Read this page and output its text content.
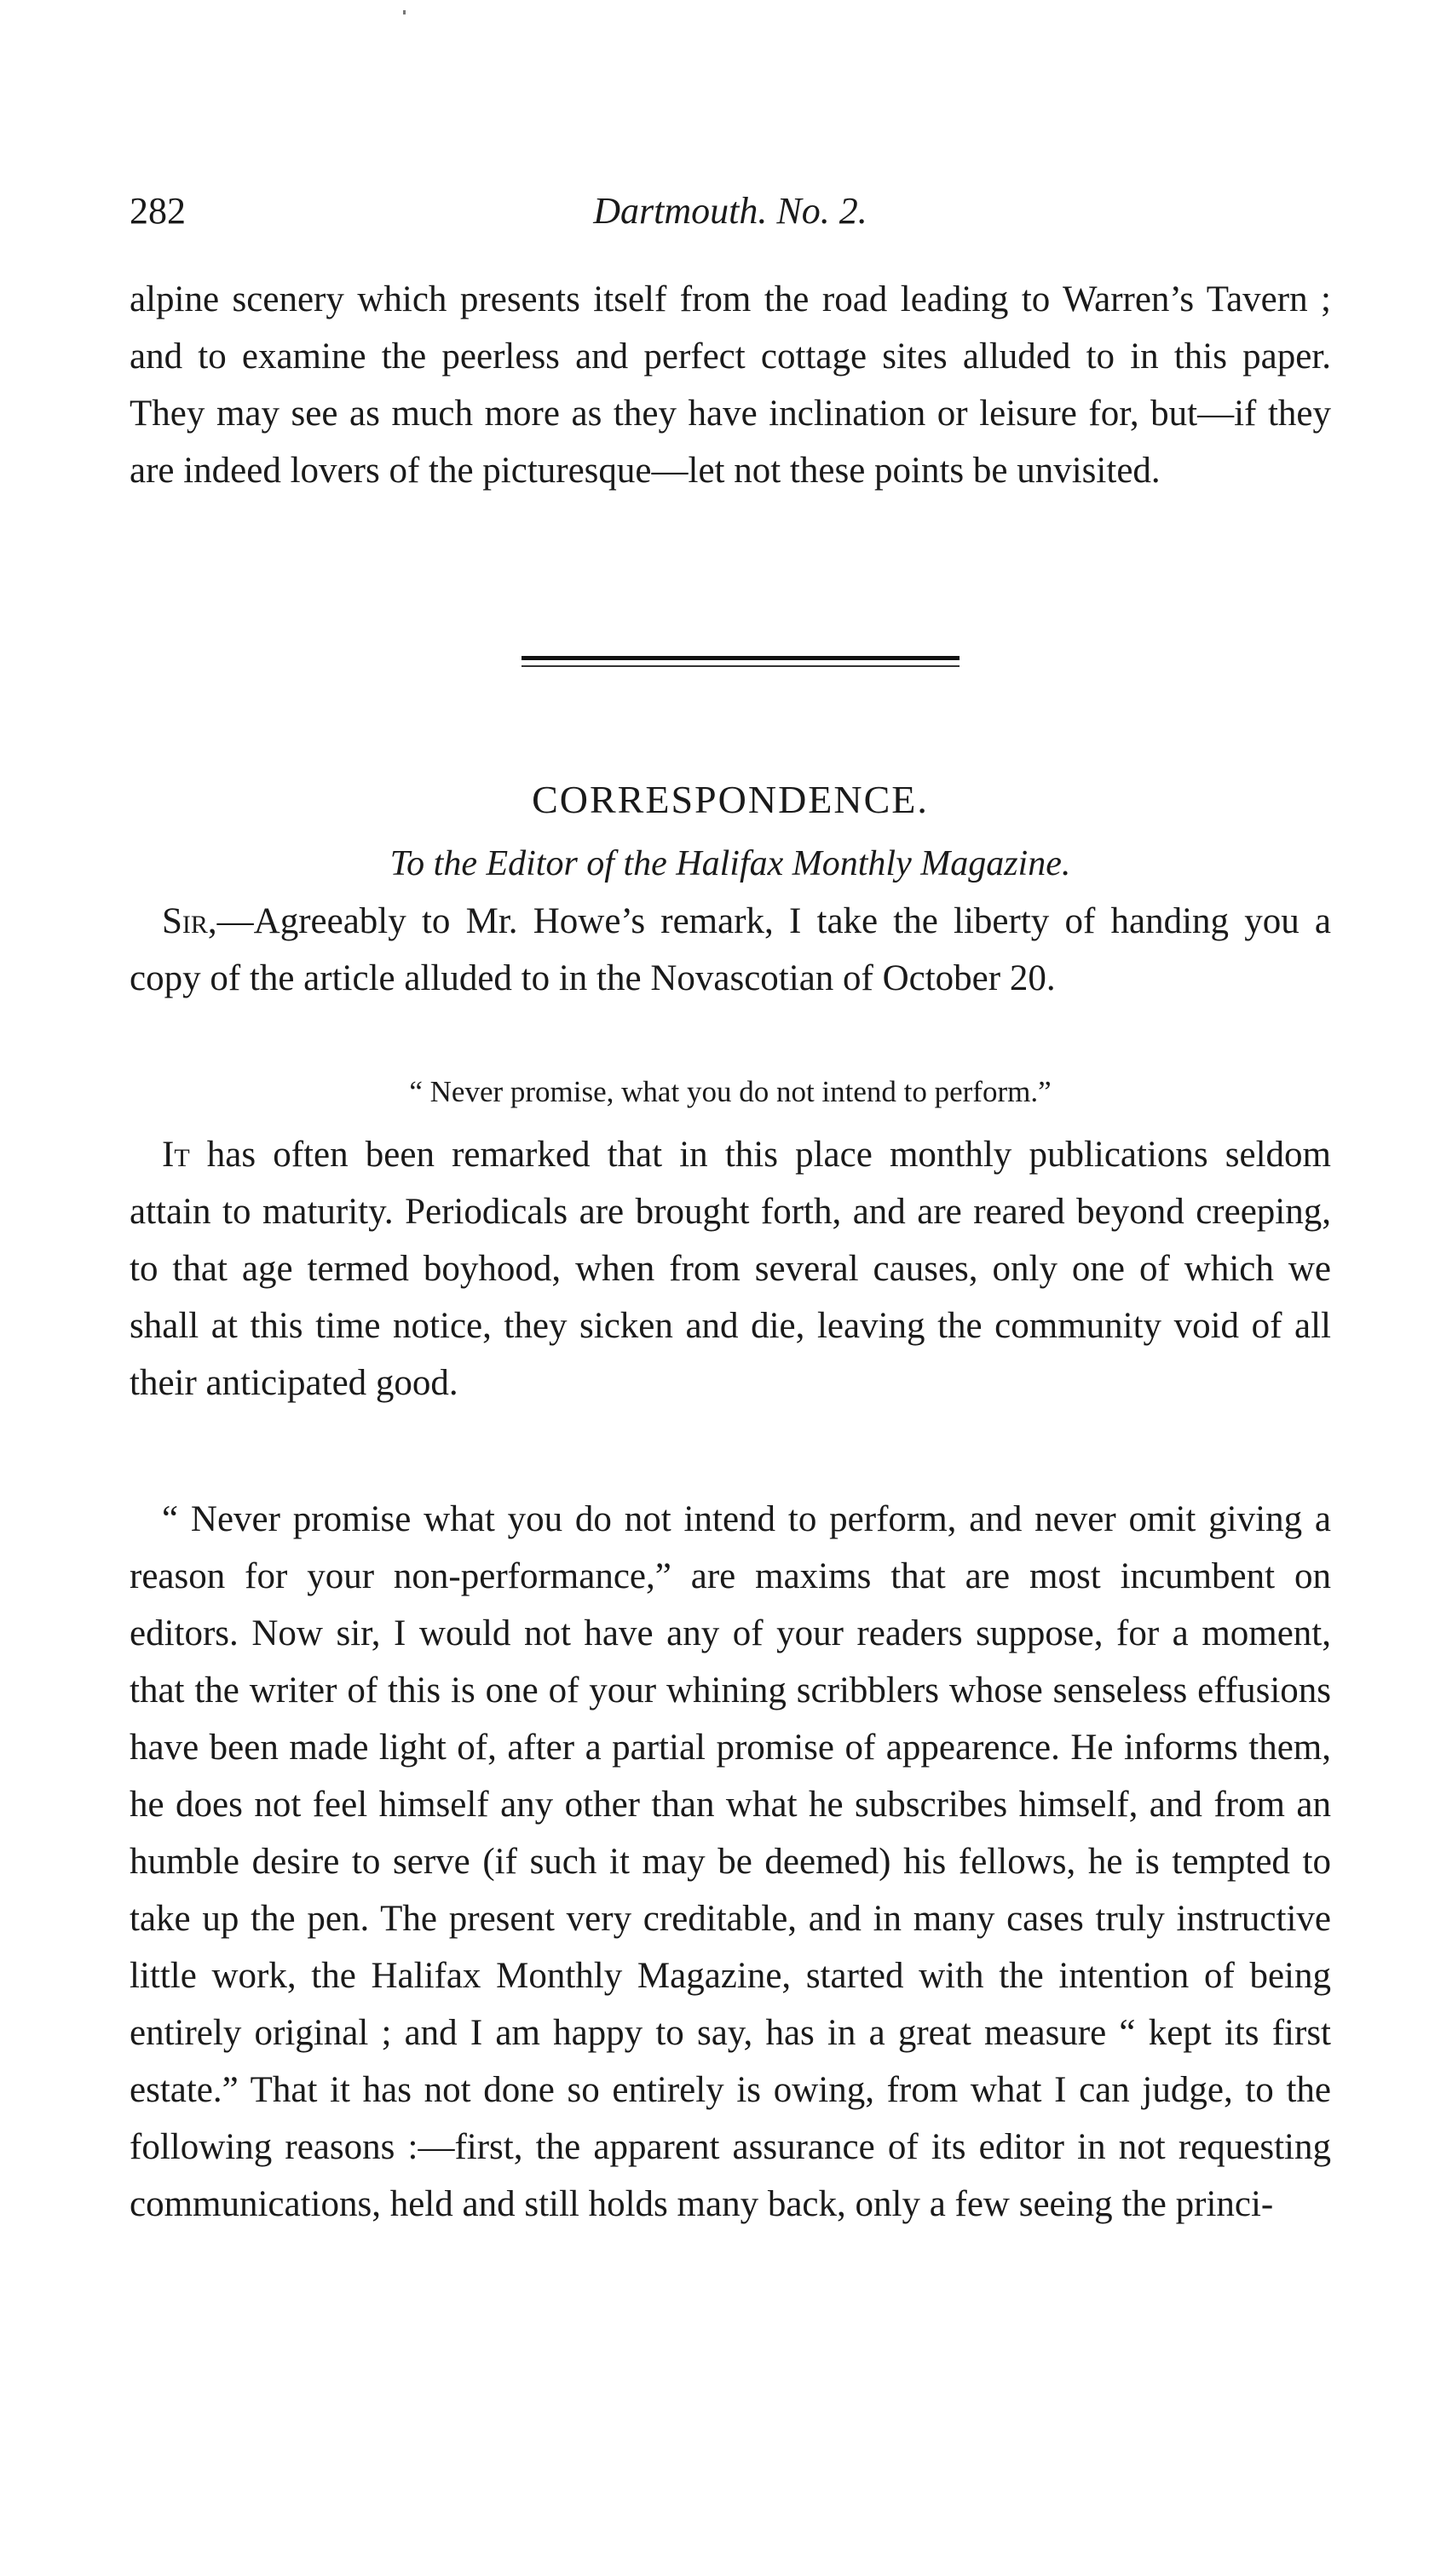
282	Dartmouth. No. 2.

alpine scenery which presents itself from the road leading to Warren’s Tavern ; and to examine the peerless and perfect cottage sites alluded to in this paper. They may see as much more as they have inclination or leisure for, but—if they are indeed lovers of the picturesque—let not these points be unvisited.

CORRESPONDENCE.
To the Editor of the Halifax Monthly Magazine.

Sir,—Agreeably to Mr. Howe’s remark, I take the liberty of handing you a copy of the article alluded to in the Novascotian of October 20.

“ Never promise, what you do not intend to perform.”

It has often been remarked that in this place monthly publications seldom attain to maturity. Periodicals are brought forth, and are reared beyond creeping, to that age termed boyhood, when from several causes, only one of which we shall at this time notice, they sicken and die, leaving the community void of all their anticipated good.

“ Never promise what you do not intend to perform, and never omit giving a reason for your non-performance,” are maxims that are most incumbent on editors. Now sir, I would not have any of your readers suppose, for a moment, that the writer of this is one of your whining scribblers whose senseless effusions have been made light of, after a partial promise of appearence. He informs them, he does not feel himself any other than what he subscribes himself, and from an humble desire to serve (if such it may be deemed) his fellows, he is tempted to take up the pen. The present very creditable, and in many cases truly instructive little work, the Halifax Monthly Magazine, started with the intention of being entirely original ; and I am happy to say, has in a great measure “ kept its first estate.” That it has not done so entirely is owing, from what I can judge, to the following reasons :—first, the apparent assurance of its editor in not requesting communications, held and still holds many back, only a few seeing the princi-
